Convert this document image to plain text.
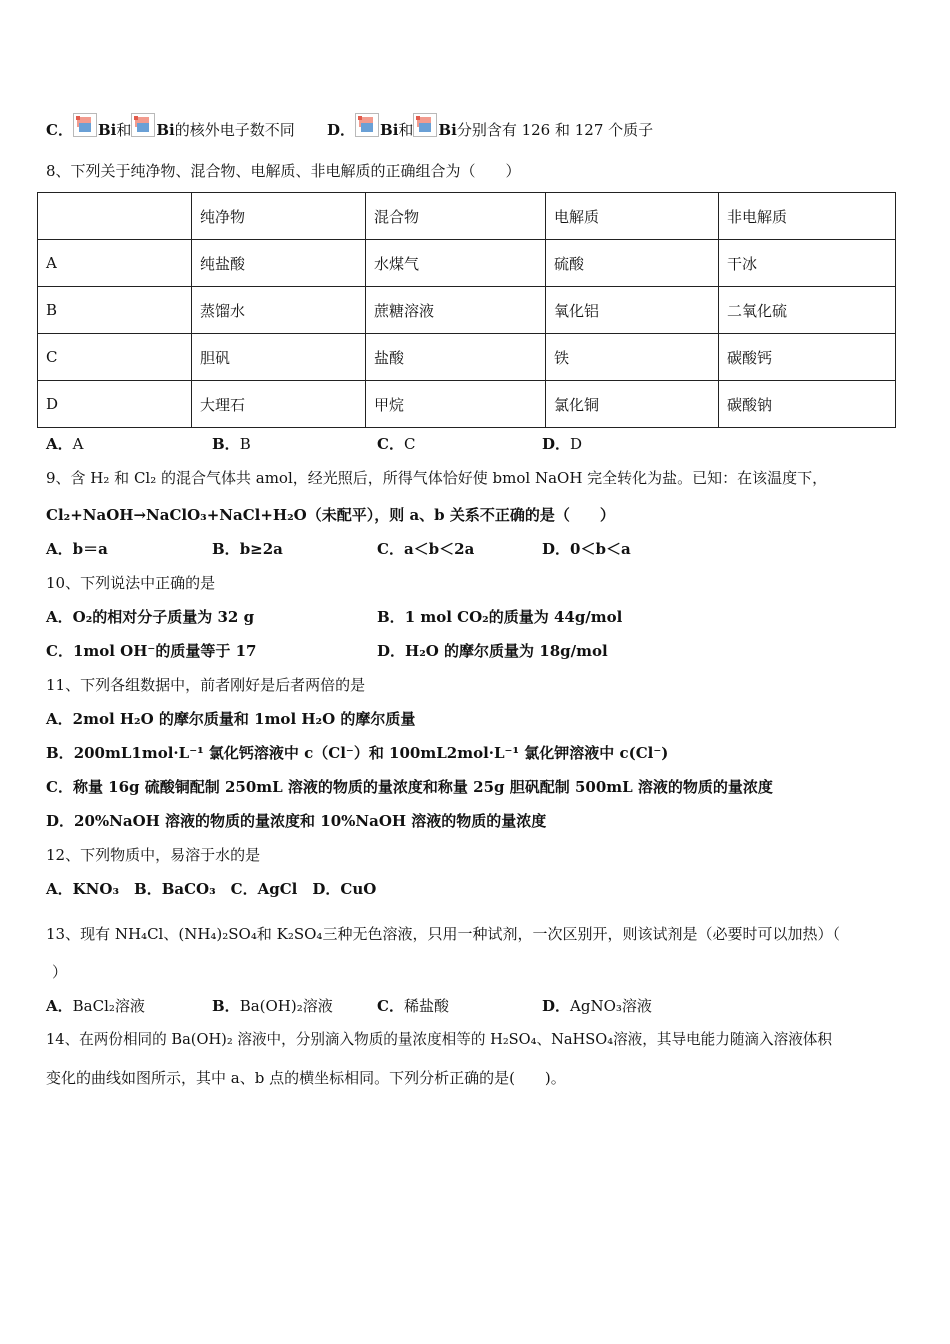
C． Bi和 Bi的核外电子数不同 D． Bi和 Bi分别含有 126 和 127 个质子
8、下列关于纯净物、混合物、电解质、非电解质的正确组合为（　　）
	纯净物	混合物	电解质	非电解质
A	纯盐酸	水煤气	硫酸	干冰
B	蒸馏水	蔗糖溶液	氧化铝	二氧化硫
C	胆矾	盐酸	铁	碳酸钙
D	大理石	甲烷	氯化铜	碳酸钠
A．A	B．B	C．C	D．D
9、含 H₂ 和 Cl₂ 的混合气体共 amol，经光照后，所得气体恰好使 bmol NaOH 完全转化为盐。已知：在该温度下，
Cl₂+NaOH→NaClO₃+NaCl+H₂O（未配平），则 a、b 关系不正确的是（　　）
A．b＝a	B．b≥2a	C．a＜b＜2a	D．0＜b＜a
10、下列说法中正确的是
A．O₂的相对分子质量为 32 g	B．1 mol CO₂的质量为 44g/mol
C．1mol OH⁻的质量等于 17	D．H₂O 的摩尔质量为 18g/mol
11、下列各组数据中，前者刚好是后者两倍的是
A．2mol H₂O 的摩尔质量和 1mol H₂O 的摩尔质量
B．200mL1mol·L⁻¹ 氯化钙溶液中 c（Cl⁻）和 100mL2mol·L⁻¹ 氯化钾溶液中 c(Cl⁻)
C．称量 16g 硫酸铜配制 250mL 溶液的物质的量浓度和称量 25g 胆矾配制 500mL 溶液的物质的量浓度
D．20%NaOH 溶液的物质的量浓度和 10%NaOH 溶液的物质的量浓度
12、下列物质中，易溶于水的是
A．KNO₃　B．BaCO₃　C．AgCl　D．CuO
13、现有 NH₄Cl、(NH₄)₂SO₄和 K₂SO₄三种无色溶液，只用一种试剂，一次区别开，则该试剂是（必要时可以加热）（
）
A．BaCl₂溶液	B．Ba(OH)₂溶液	C．稀盐酸	D．AgNO₃溶液
14、在两份相同的 Ba(OH)₂ 溶液中，分别滴入物质的量浓度相等的 H₂SO₄、NaHSO₄溶液，其导电能力随滴入溶液体积
变化的曲线如图所示，其中 a、b 点的横坐标相同。下列分析正确的是(　　)。
